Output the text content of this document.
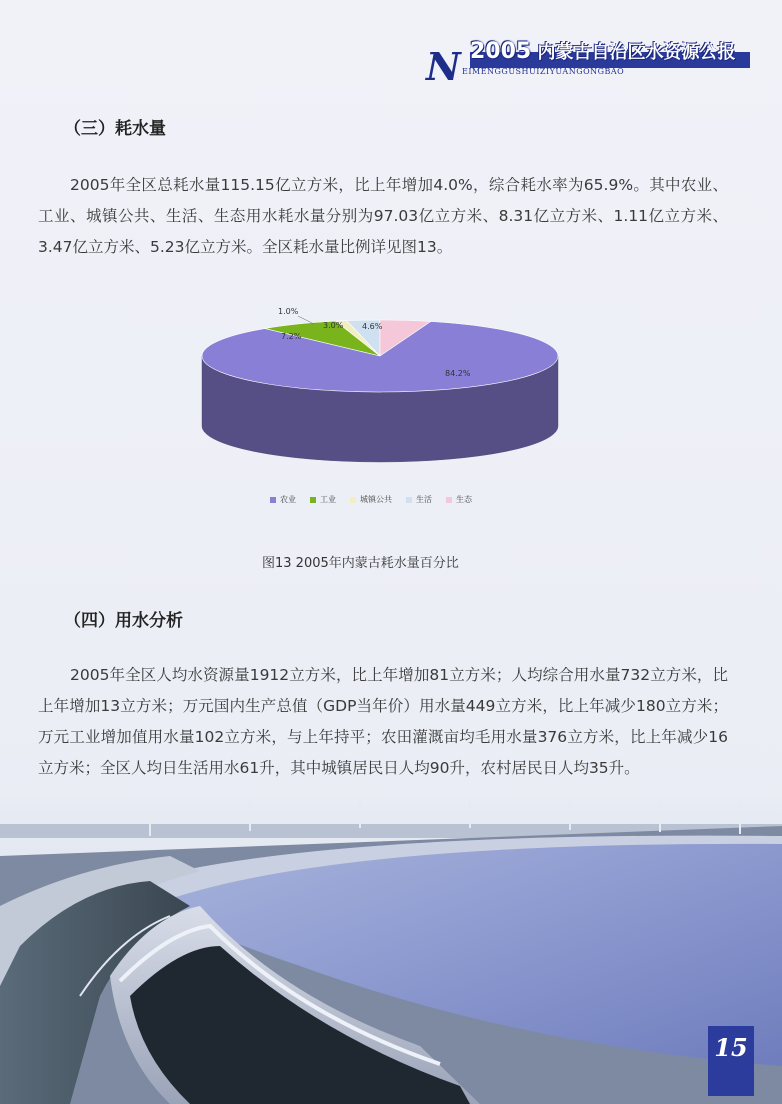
N 2005 内蒙古自治区水资源公报
EIMENGGUSHUIZIYUANGONGBAO
（三）耗水量
2005年全区总耗水量115.15亿立方米，比上年增加4.0%，综合耗水率为65.9%。其中农业、工业、城镇公共、生活、生态用水耗水量分别为97.03亿立方米、8.31亿立方米、1.11亿立方米、3.47亿立方米、5.23亿立方米。全区耗水量比例详见图13。
7.2%
1.0%
3.0% 4.6%
84.2%
农业	工业	城镇公共	生活	生态
图13 2005年内蒙古耗水量百分比
（四）用水分析
2005年全区人均水资源量1912立方米，比上年增加81立方米；人均综合用水量732立方米，比上年增加13立方米；万元国内生产总值（GDP当年价）用水量449立方米，比上年减少180立方米；万元工业增加值用水量102立方米，与上年持平；农田灌溉亩均毛用水量376立方米，比上年减少16立方米；全区人均日生活用水61升，其中城镇居民日人均90升，农村居民日人均35升。
15
